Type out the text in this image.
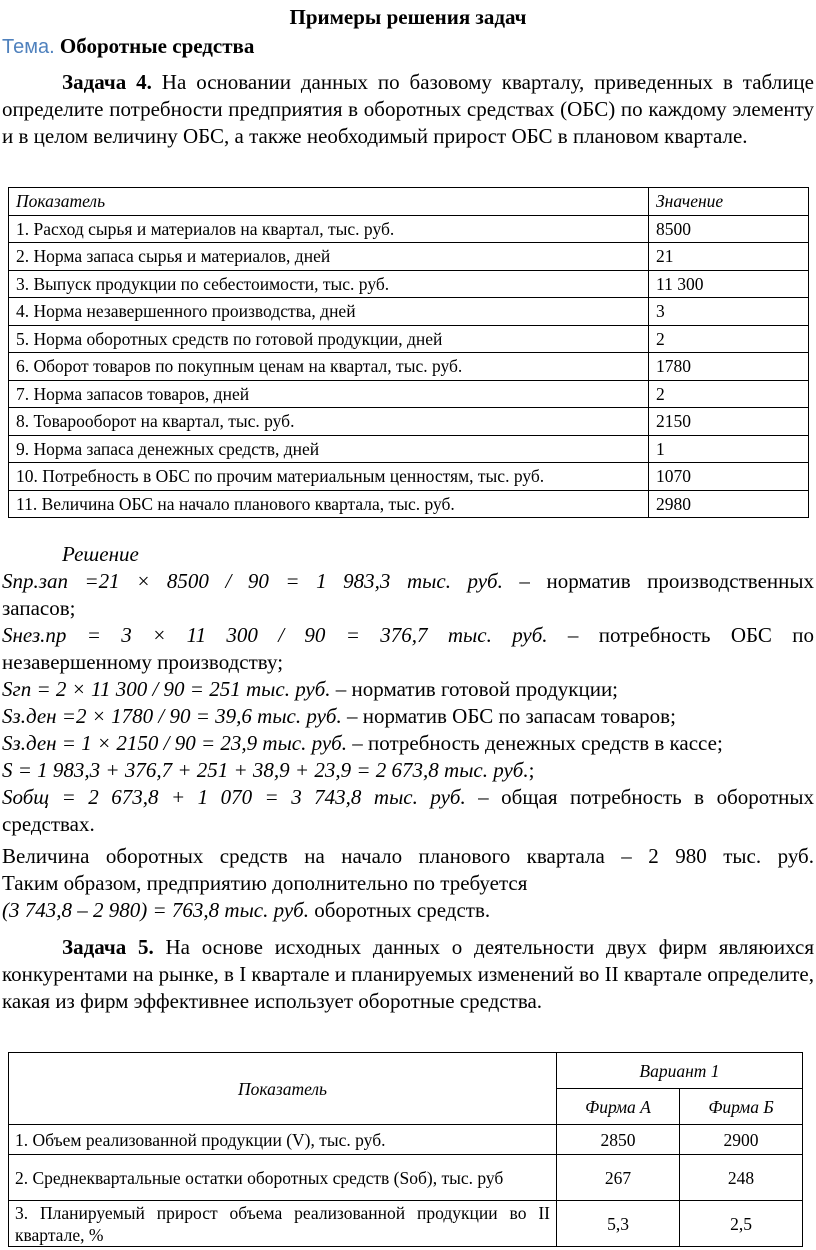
Примеры решения задач
Тема. Оборотные средства
Задача 4. На основании данных по базовому кварталу, приведенных в таблице определите потребности предприятия в оборотных средствах (ОБС) по каждому элементу и в целом величину ОБС, а также необходимый прирост ОБС в плановом квартале.
Показатель	Значение
1. Расход сырья и материалов на квартал, тыс. руб.	8500
2. Норма запаса сырья и материалов, дней	21
3. Выпуск продукции по себестоимости, тыс. руб.	11 300
4. Норма незавершенного производства, дней	3
5. Норма оборотных средств по готовой продукции, дней	2
6. Оборот товаров по покупным ценам на квартал, тыс. руб.	1780
7. Норма запасов товаров, дней	2
8. Товарооборот на квартал, тыс. руб.	2150
9. Норма запаса денежных средств, дней	1
10. Потребность в ОБС по прочим материальным ценностям, тыс. руб.	1070
11. Величина ОБС на начало планового квартала, тыс. руб.	2980
Решение
Sпр.зап =21 × 8500 / 90 = 1 983,3 тыс. руб. – норматив производственных
запасов;
Sнез.пр = 3 × 11 300 / 90 = 376,7 тыс. руб. – потребность ОБС по
незавершенному производству;
Sгп = 2 × 11 300 / 90 = 251 тыс. руб. – норматив готовой продукции;
Sз.ден =2 × 1780 / 90 = 39,6 тыс. руб. – норматив ОБС по запасам товаров;
Sз.ден = 1 × 2150 / 90 = 23,9 тыс. руб. – потребность денежных средств в кассе;
S = 1 983,3 + 376,7 + 251 + 38,9 + 23,9 = 2 673,8 тыс. руб.;
Sобщ = 2 673,8 + 1 070 = 3 743,8 тыс. руб. – общая потребность в оборотных
средствах.
Величина оборотных средств на начало планового квартала – 2 980 тыс. руб.
Таким образом, предприятию дополнительно по требуется
(3 743,8 – 2 980) = 763,8 тыс. руб. оборотных средств.
Задача 5. На основе исходных данных о деятельности двух фирм являюихся конкурентами на рынке, в I квартале и планируемых изменений во II квартале определите, какая из фирм эффективнее использует оборотные средства.
Показатель	Вариант 1	
	Фирма А	Фирма Б
1. Объем реализованной продукции (V), тыс. руб.	2850	2900
2. Среднеквартальные остатки оборотных средств (Sоб), тыс. руб	267	248
3. Планируемый прирост объема реализованной продукции во II квартале, %	5,3	2,5
